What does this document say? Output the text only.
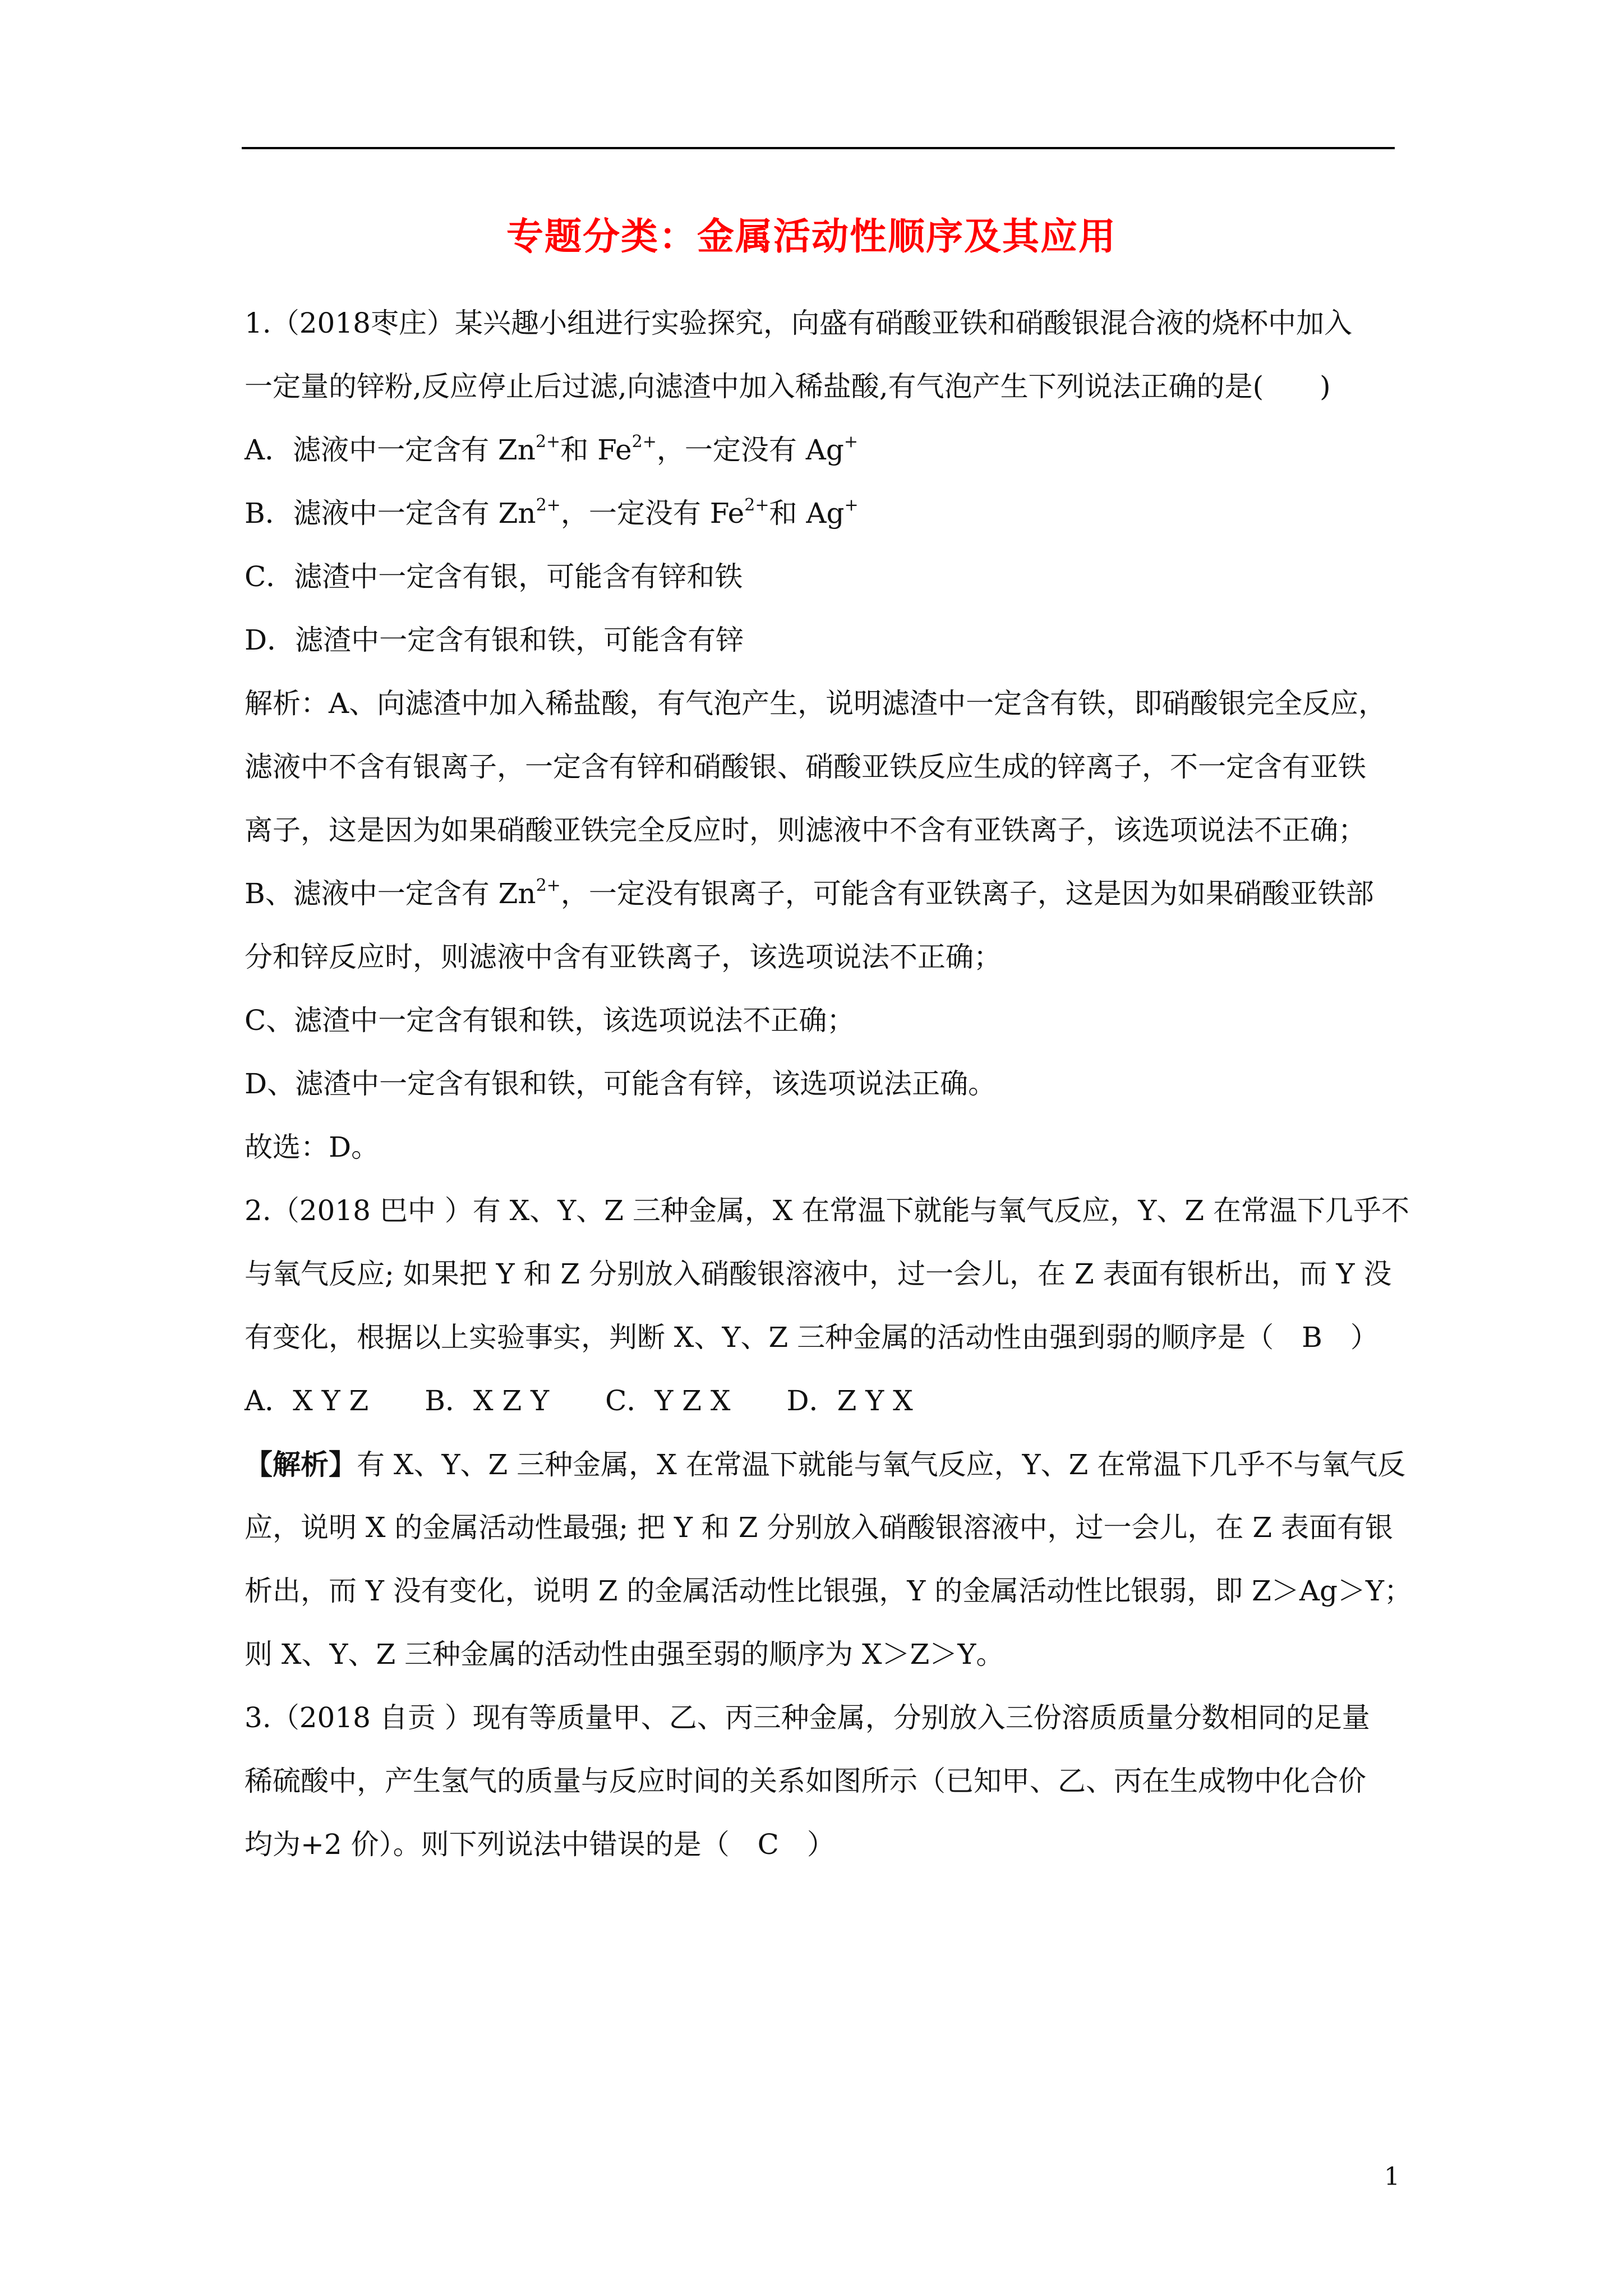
专题分类：金属活动性顺序及其应用
1.（2018枣庄）某兴趣小组进行实验探究，向盛有硝酸亚铁和硝酸银混合液的烧杯中加入
一定量的锌粉,反应停止后过滤,向滤渣中加入稀盐酸,有气泡产生下列说法正确的是(　　)
A．滤液中一定含有 $Zn^{2+}$和 $Fe^{2+}$，一定没有 Ag+
B．滤液中一定含有 $Zn^{2+}$，一定没有 $Fe^{2+}$和 Ag+
C．滤渣中一定含有银，可能含有锌和铁
D．滤渣中一定含有银和铁，可能含有锌
解析：A、向滤渣中加入稀盐酸，有气泡产生，说明滤渣中一定含有铁，即硝酸银完全反应，
滤液中不含有银离子，一定含有锌和硝酸银、硝酸亚铁反应生成的锌离子，不一定含有亚铁
离子，这是因为如果硝酸亚铁完全反应时，则滤液中不含有亚铁离子，该选项说法不正确；
B、滤液中一定含有 $Zn^{2+}$，一定没有银离子，可能含有亚铁离子，这是因为如果硝酸亚铁部
分和锌反应时，则滤液中含有亚铁离子，该选项说法不正确；
C、滤渣中一定含有银和铁，该选项说法不正确；
D、滤渣中一定含有银和铁，可能含有锌，该选项说法正确。
故选：D。
2.（2018 巴中 ）有 X、Y、Z 三种金属，X 在常温下就能与氧气反应，Y、Z 在常温下几乎不
与氧气反应; 如果把 Y 和 Z 分别放入硝酸银溶液中，过一会儿，在 Z 表面有银析出，而 Y 没
有变化，根据以上实验事实，判断 X、Y、Z 三种金属的活动性由强到弱的顺序是（　B　）
A．X Y Z　　B．X Z Y　　C．Y Z X　　D．Z Y X
【解析】有 X、Y、Z 三种金属，X 在常温下就能与氧气反应，Y、Z 在常温下几乎不与氧气反
应，说明 X 的金属活动性最强; 把 Y 和 Z 分别放入硝酸银溶液中，过一会儿，在 Z 表面有银
析出，而 Y 没有变化，说明 Z 的金属活动性比银强，Y 的金属活动性比银弱，即 Z＞Ag＞Y；
则 X、Y、Z 三种金属的活动性由强至弱的顺序为 X＞Z＞Y。
3.（2018 自贡 ）现有等质量甲、乙、丙三种金属，分别放入三份溶质质量分数相同的足量
稀硫酸中，产生氢气的质量与反应时间的关系如图所示（已知甲、乙、丙在生成物中化合价
均为+2 价）。则下列说法中错误的是（　C　）
1
